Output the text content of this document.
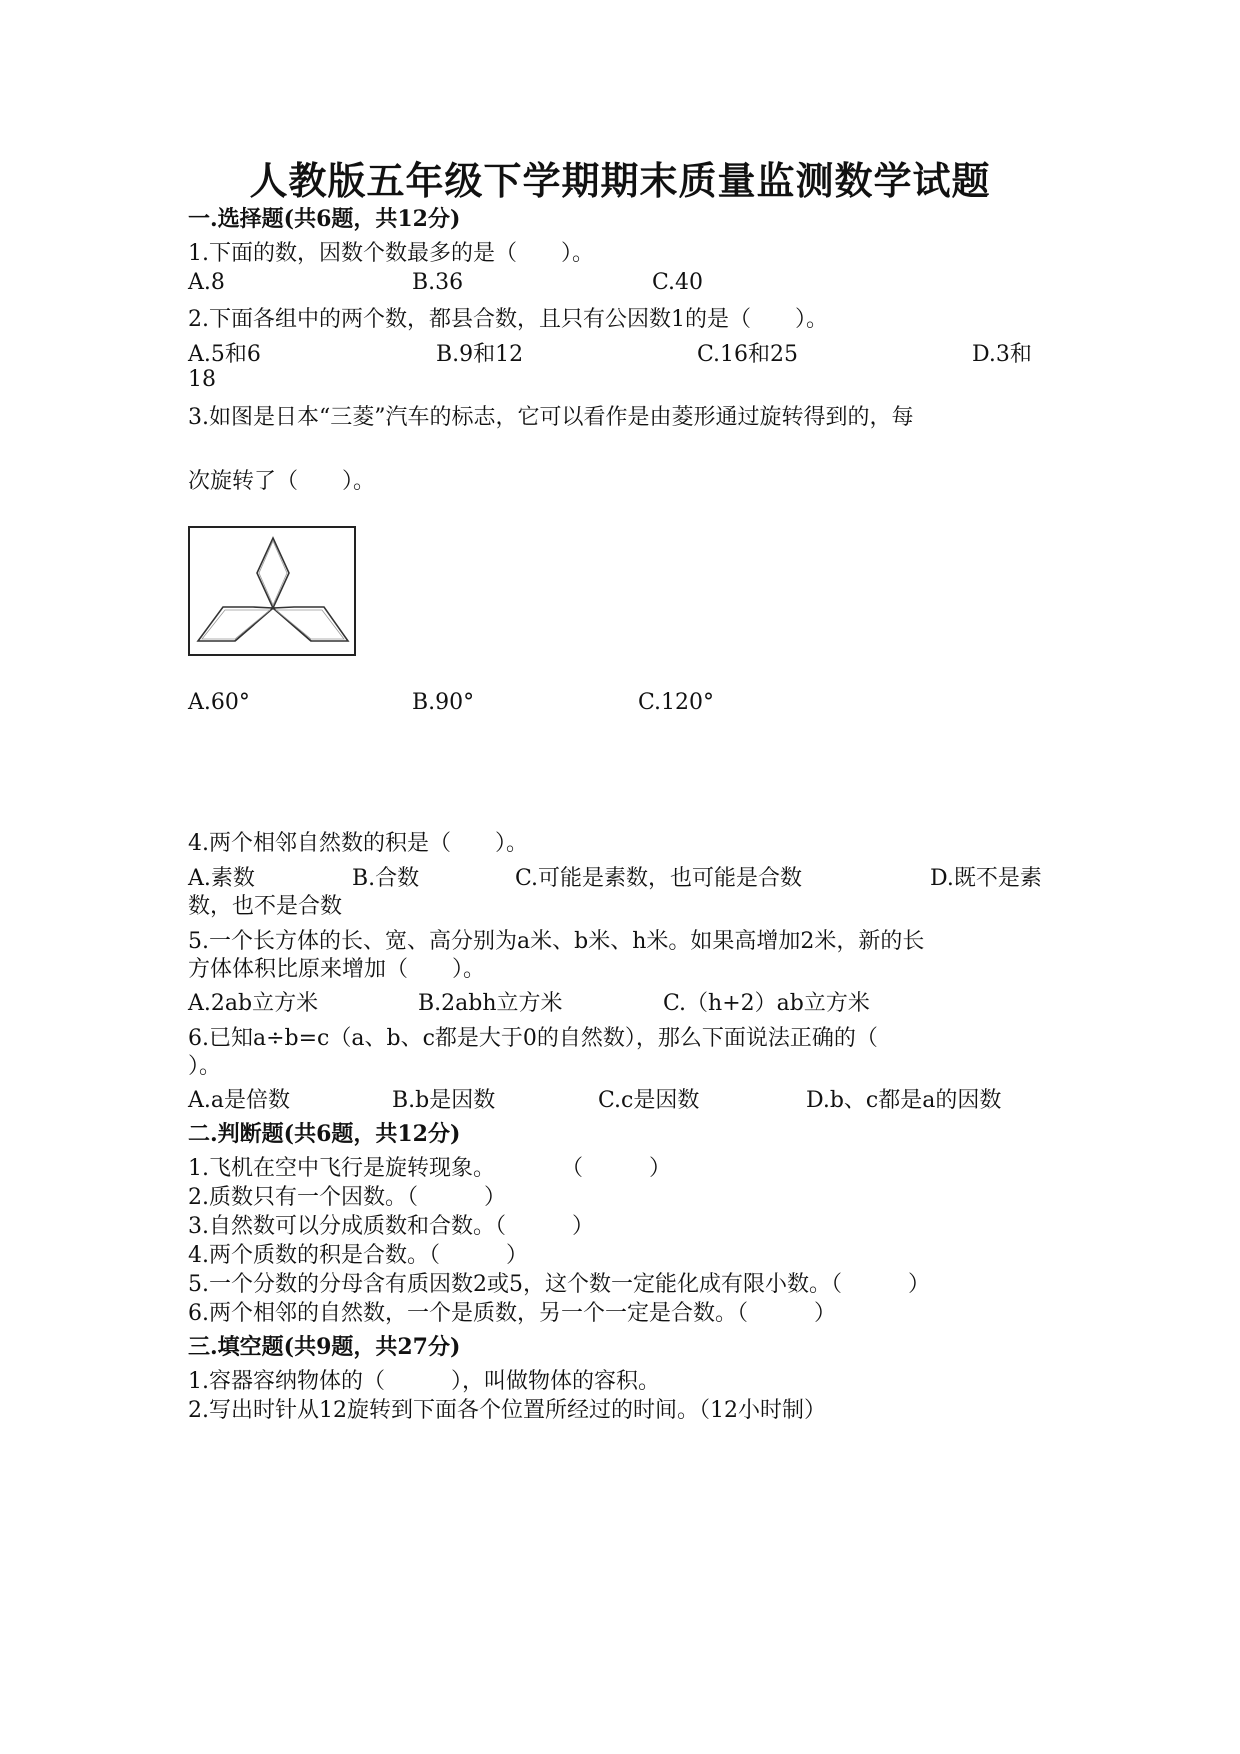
人教版五年级下学期期末质量监测数学试题
一.选择题(共6题，共12分)
1.下面的数，因数个数最多的是（　　）。
A.8	B.36	C.40
2.下面各组中的两个数，都县合数，且只有公因数1的是（　　）。
A.5和6	B.9和12	C.16和25	D.3和
18
3.如图是日本“三菱”汽车的标志，它可以看作是由菱形通过旋转得到的，每
次旋转了（　　）。
A.60°	B.90°	C.120°
4.两个相邻自然数的积是（　　）。
A.素数	B.合数	C.可能是素数，也可能是合数	D.既不是素
数，也不是合数
5.一个长方体的长、宽、高分别为a米、b米、h米。如果高增加2米，新的长
方体体积比原来增加（　　）。
A.2ab立方米	B.2abh立方米	C.（h+2）ab立方米
6.已知a÷b=c（a、b、c都是大于0的自然数），那么下面说法正确的（
）。
A.a是倍数	B.b是因数	C.c是因数	D.b、c都是a的因数
二.判断题(共6题，共12分)
1.飞机在空中飞行是旋转现象。　　　　（　　　）
2.质数只有一个因数。（　　　）
3.自然数可以分成质数和合数。（　　　）
4.两个质数的积是合数。（　　　）
5.一个分数的分母含有质因数2或5，这个数一定能化成有限小数。（　　　）
6.两个相邻的自然数，一个是质数，另一个一定是合数。（　　　）
三.填空题(共9题，共27分)
1.容器容纳物体的（　　　），叫做物体的容积。
2.写出时针从12旋转到下面各个位置所经过的时间。（12小时制）
